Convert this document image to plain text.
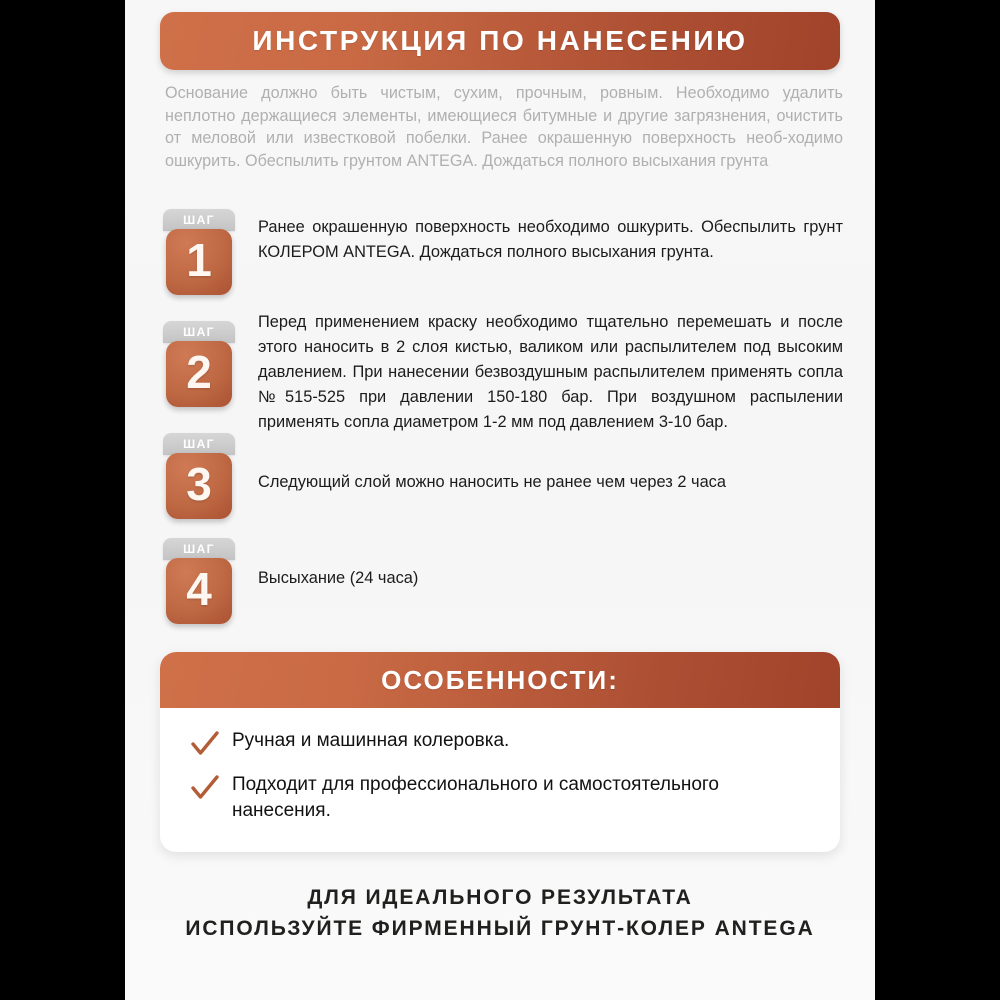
ИНСТРУКЦИЯ ПО НАНЕСЕНИЮ
Основание должно быть чистым, сухим, прочным, ровным. Необходимо удалить неплотно держащиеся элементы, имеющиеся битумные и другие загрязнения, очистить от меловой или известковой побелки. Ранее окрашенную поверхность необ-ходимо ошкурить. Обеспылить грунтом ANTEGA. Дождаться полного высыхания грунта
ШАГ
1
Ранее окрашенную поверхность необходимо ошкурить. Обеспылить грунт КОЛЕРОМ ANTEGA. Дождаться полного высыхания грунта.
ШАГ
2
Перед применением краску необходимо тщательно перемешать и после этого наносить в 2 слоя кистью, валиком или распылителем под высоким давлением. При нанесении безвоздушным распылителем применять сопла №515-525 при давлении 150-180 бар. При воздушном распылении применять сопла диаметром 1-2 мм под давлением 3-10 бар.
ШАГ
3	Следующий слой можно наносить не ранее чем через 2 часа
ШАГ
4	Высыхание (24 часа)
ОСОБЕННОСТИ:
Ручная и машинная колеровка.
Подходит для профессионального и самостоятельного нанесения.
ДЛЯ ИДЕАЛЬНОГО РЕЗУЛЬТАТА
ИСПОЛЬЗУЙТЕ ФИРМЕННЫЙ ГРУНТ-КОЛЕР ANTEGA
